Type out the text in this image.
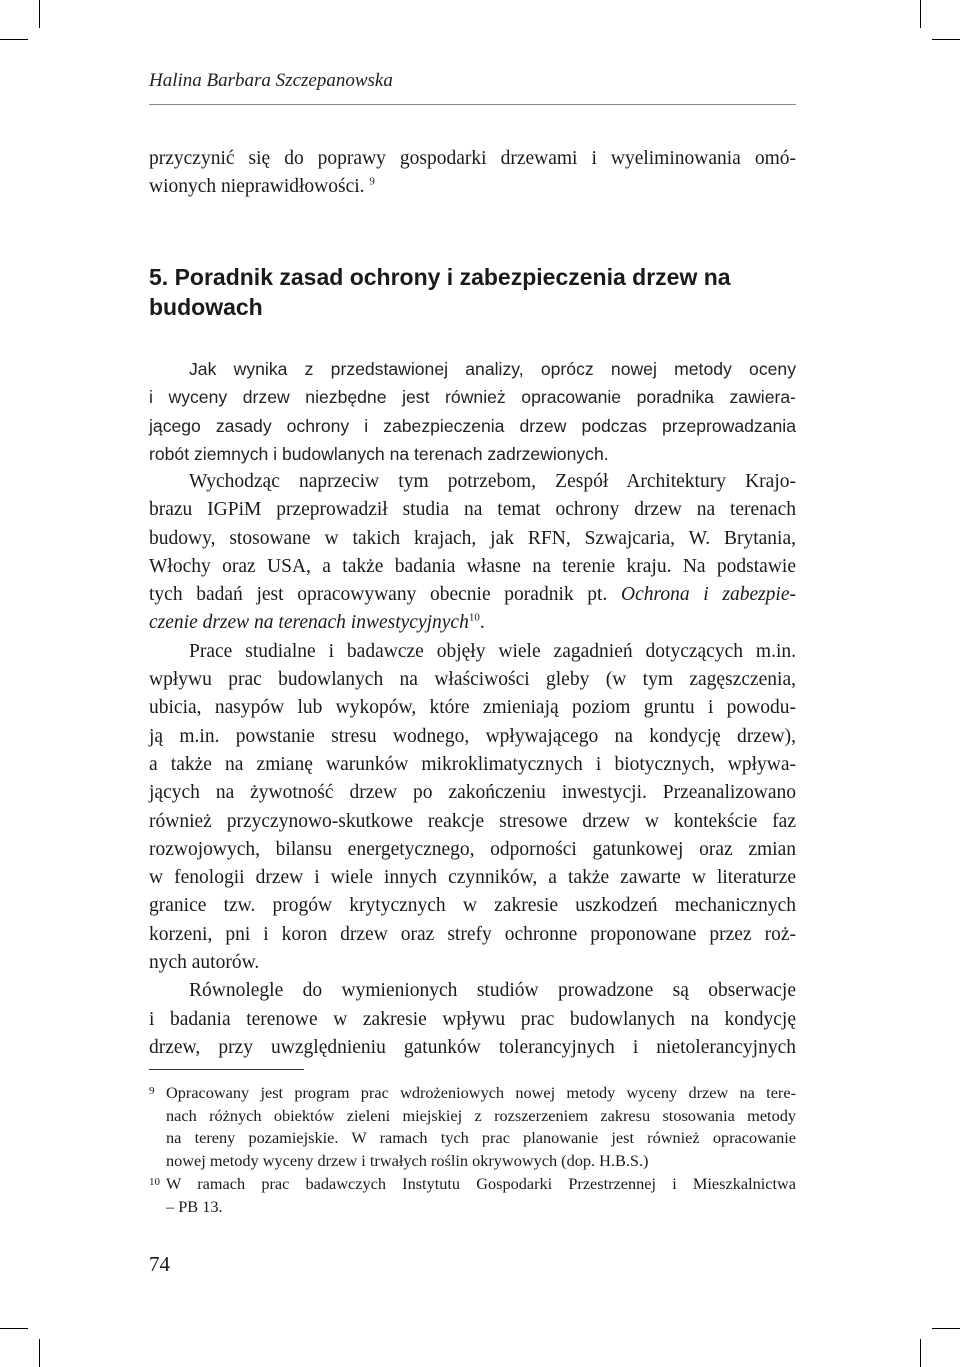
Halina Barbara Szczepanowska
przyczynić się do poprawy gospodarki drzewami i wyeliminowania omó-
wionych nieprawidłowości. $^9$
5. Poradnik zasad ochrony i zabezpieczenia drzew na
budowach
Jak wynika z przedstawionej analizy, oprócz nowej metody oceny
i wyceny drzew niezbędne jest również opracowanie poradnika zawiera-
jącego zasady ochrony i zabezpieczenia drzew podczas przeprowadzania
robót ziemnych i budowlanych na terenach zadrzewionych.
Wychodząc naprzeciw tym potrzebom, Zespół Architektury Krajo-
brazu IGPiM przeprowadził studia na temat ochrony drzew na terenach
budowy, stosowane w takich krajach, jak RFN, Szwajcaria, W. Brytania,
Włochy oraz USA, a także badania własne na terenie kraju. Na podstawie
tych badań jest opracowywany obecnie poradnik pt. Ochrona i zabezpie-
czenie drzew na terenach inwestycyjnych$^{10}$.
Prace studialne i badawcze objęły wiele zagadnień dotyczących m.in.
wpływu prac budowlanych na właściwości gleby (w tym zagęszczenia,
ubicia, nasypów lub wykopów, które zmieniają poziom gruntu i powodu-
ją m.in. powstanie stresu wodnego, wpływającego na kondycję drzew),
a także na zmianę warunków mikroklimatycznych i biotycznych, wpływa-
jących na żywotność drzew po zakończeniu inwestycji. Przeanalizowano
również przyczynowo-skutkowe reakcje stresowe drzew w kontekście faz
rozwojowych, bilansu energetycznego, odporności gatunkowej oraz zmian
w fenologii drzew i wiele innych czynników, a także zawarte w literaturze
granice tzw. progów krytycznych w zakresie uszkodzeń mechanicznych
korzeni, pni i koron drzew oraz strefy ochronne proponowane przez roż-
nych autorów.
Równolegle do wymienionych studiów prowadzone są obserwacje
i badania terenowe w zakresie wpływu prac budowlanych na kondycję
drzew, przy uwzględnieniu gatunków tolerancyjnych i nietolerancyjnych
9 Opracowany jest program prac wdrożeniowych nowej metody wyceny drzew na tere-
nach różnych obiektów zieleni miejskiej z rozszerzeniem zakresu stosowania metody
na tereny pozamiejskie. W ramach tych prac planowanie jest również opracowanie
nowej metody wyceny drzew i trwałych roślin okrywowych (dop. H.B.S.)
10 W ramach prac badawczych Instytutu Gospodarki Przestrzennej i Mieszkalnictwa
– PB 13.
74
